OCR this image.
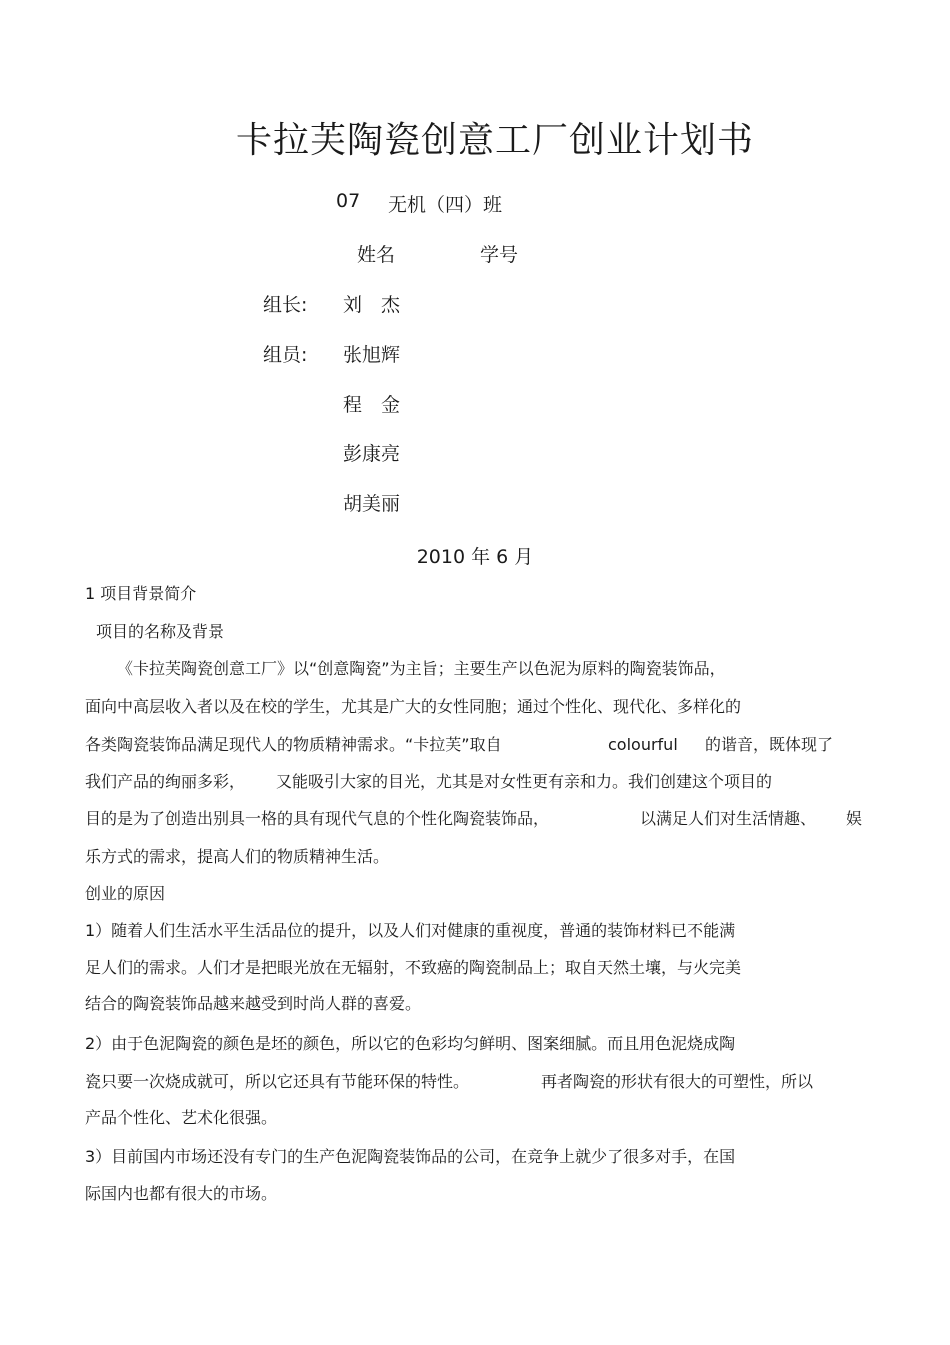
卡拉芙陶瓷创意工厂创业计划书
07 无机（四）班
姓名	学号
组长: 刘　杰
组员: 张旭辉
程　金
彭康亮
胡美丽
2010 年 6 月
1 项目背景简介
项目的名称及背景
《卡拉芙陶瓷创意工厂》以“创意陶瓷”为主旨；主要生产以色泥为原料的陶瓷装饰品，
面向中高层收入者以及在校的学生，尤其是广大的女性同胞；通过个性化、现代化、多样化的
各类陶瓷装饰品满足现代人的物质精神需求。“卡拉芙”取自	colourful 的谐音，既体现了
我们产品的绚丽多彩， 又能吸引大家的目光，尤其是对女性更有亲和力。我们创建这个项目的
目的是为了创造出别具一格的具有现代气息的个性化陶瓷装饰品，	以满足人们对生活情趣、 娱
乐方式的需求，提高人们的物质精神生活。
创业的原因
1）随着人们生活水平生活品位的提升，以及人们对健康的重视度，普通的装饰材料已不能满
足人们的需求。人们才是把眼光放在无辐射，不致癌的陶瓷制品上；取自天然土壤，与火完美
结合的陶瓷装饰品越来越受到时尚人群的喜爱。
2）由于色泥陶瓷的颜色是坯的颜色，所以它的色彩均匀鲜明、图案细腻。而且用色泥烧成陶
瓷只要一次烧成就可，所以它还具有节能环保的特性。	再者陶瓷的形状有很大的可塑性，所以
产品个性化、艺术化很强。
3）目前国内市场还没有专门的生产色泥陶瓷装饰品的公司，在竞争上就少了很多对手，在国
际国内也都有很大的市场。
